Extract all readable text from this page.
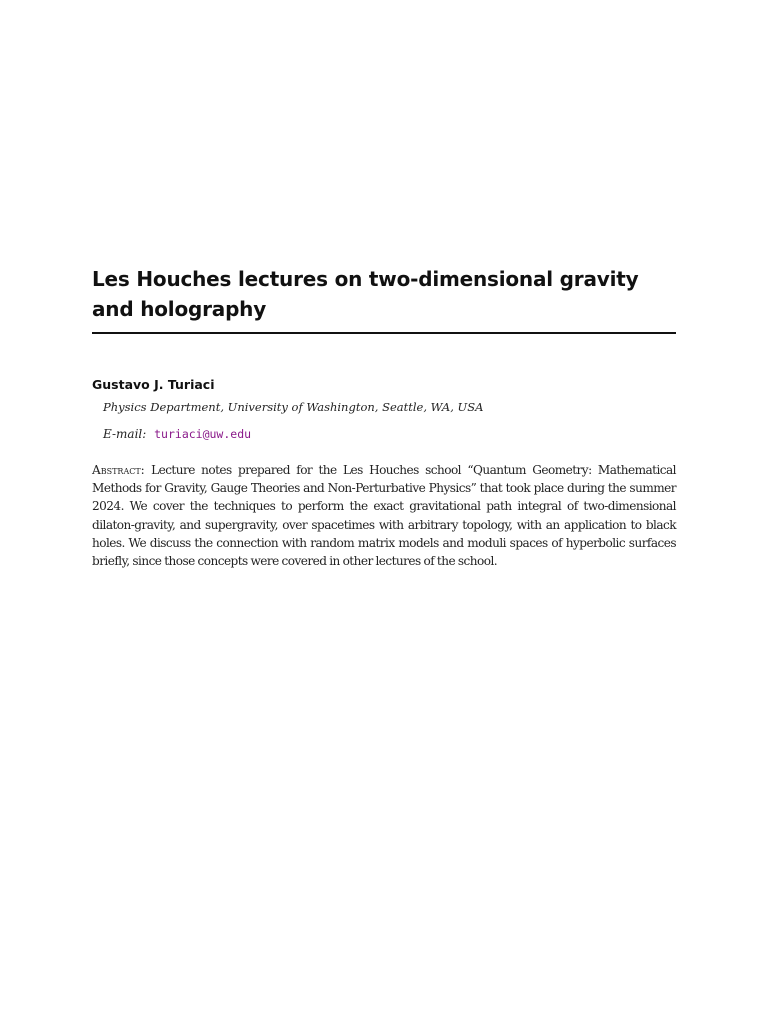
Les Houches lectures on two-dimensional gravity and holography
Gustavo J. Turiaci
Physics Department, University of Washington, Seattle, WA, USA
E-mail: turiaci@uw.edu

Abstract: Lecture notes prepared for the Les Houches school “Quantum Geometry: Mathematical Methods for Gravity, Gauge Theories and Non-Perturbative Physics” that took place during the summer 2024. We cover the techniques to perform the exact gravitational path integral of two-dimensional dilaton-gravity, and supergravity, over spacetimes with arbitrary topology, with an application to black holes. We discuss the connection with random matrix models and moduli spaces of hyperbolic surfaces briefly, since those concepts were covered in other lectures of the school.
